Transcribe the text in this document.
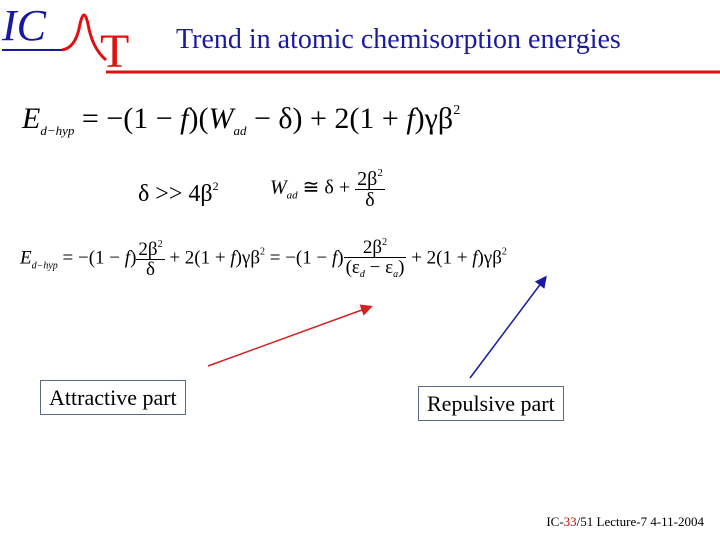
IC T Trend in atomic chemisorption energies
$E_{d-hyp} = -(1 - f)(W_{ad} - \delta) + 2(1 + f)\gamma\beta^2$
$\delta >> 4\beta^2$	$W_{ad}$ ≅ $\delta + \frac{2\beta^2}{\delta}$
$E_{d-hyp} = -(1 - f) \frac{2\beta^2}{\delta} + 2(1 + f)\gamma\beta^2 = -(1 - f) \frac{2\beta^2}{(\varepsilon_d - \varepsilon_a)} + 2(1 + f)\gamma\beta^2$
Attractive part	Repulsive part
IC-33/51 Lecture-7 4-11-2004
